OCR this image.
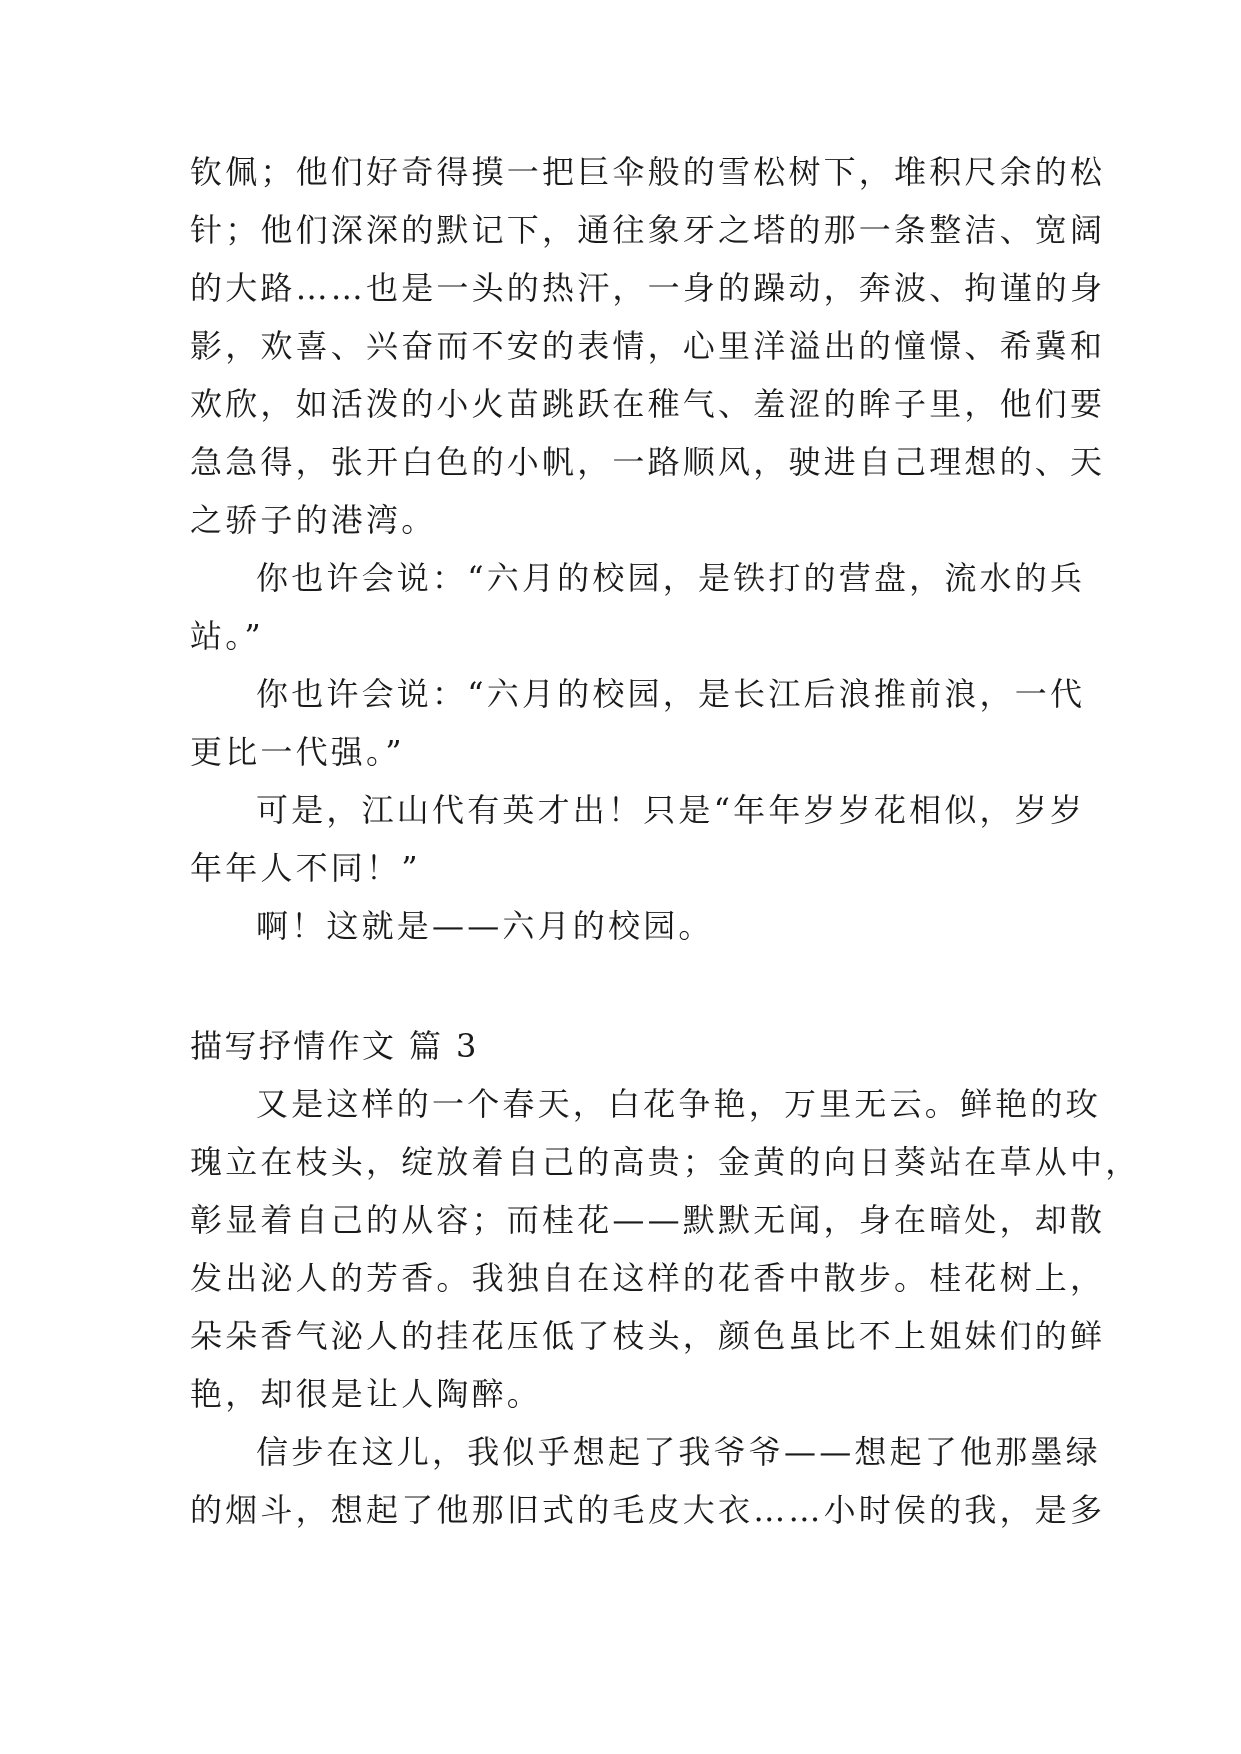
钦佩；他们好奇得摸一把巨伞般的雪松树下，堆积尺余的松
针；他们深深的默记下，通往象牙之塔的那一条整洁、宽阔
的大路……也是一头的热汗，一身的躁动，奔波、拘谨的身
影，欢喜、兴奋而不安的表情，心里洋溢出的憧憬、希冀和
欢欣，如活泼的小火苗跳跃在稚气、羞涩的眸子里，他们要
急急得，张开白色的小帆，一路顺风，驶进自己理想的、天
之骄子的港湾。
你也许会说：“六月的校园，是铁打的营盘，流水的兵
站。”
你也许会说：“六月的校园，是长江后浪推前浪，一代
更比一代强。”
可是，江山代有英才出！只是“年年岁岁花相似，岁岁
年年人不同！”
啊！这就是——六月的校园。
描写抒情作文 篇 3
又是这样的一个春天，白花争艳，万里无云。鲜艳的玫
瑰立在枝头，绽放着自己的高贵；金黄的向日葵站在草从中，
彰显着自己的从容；而桂花——默默无闻，身在暗处，却散
发出泌人的芳香。我独自在这样的花香中散步。桂花树上，
朵朵香气泌人的挂花压低了枝头，颜色虽比不上姐妹们的鲜
艳，却很是让人陶醉。
信步在这儿，我似乎想起了我爷爷——想起了他那墨绿
的烟斗，想起了他那旧式的毛皮大衣……小时侯的我，是多
